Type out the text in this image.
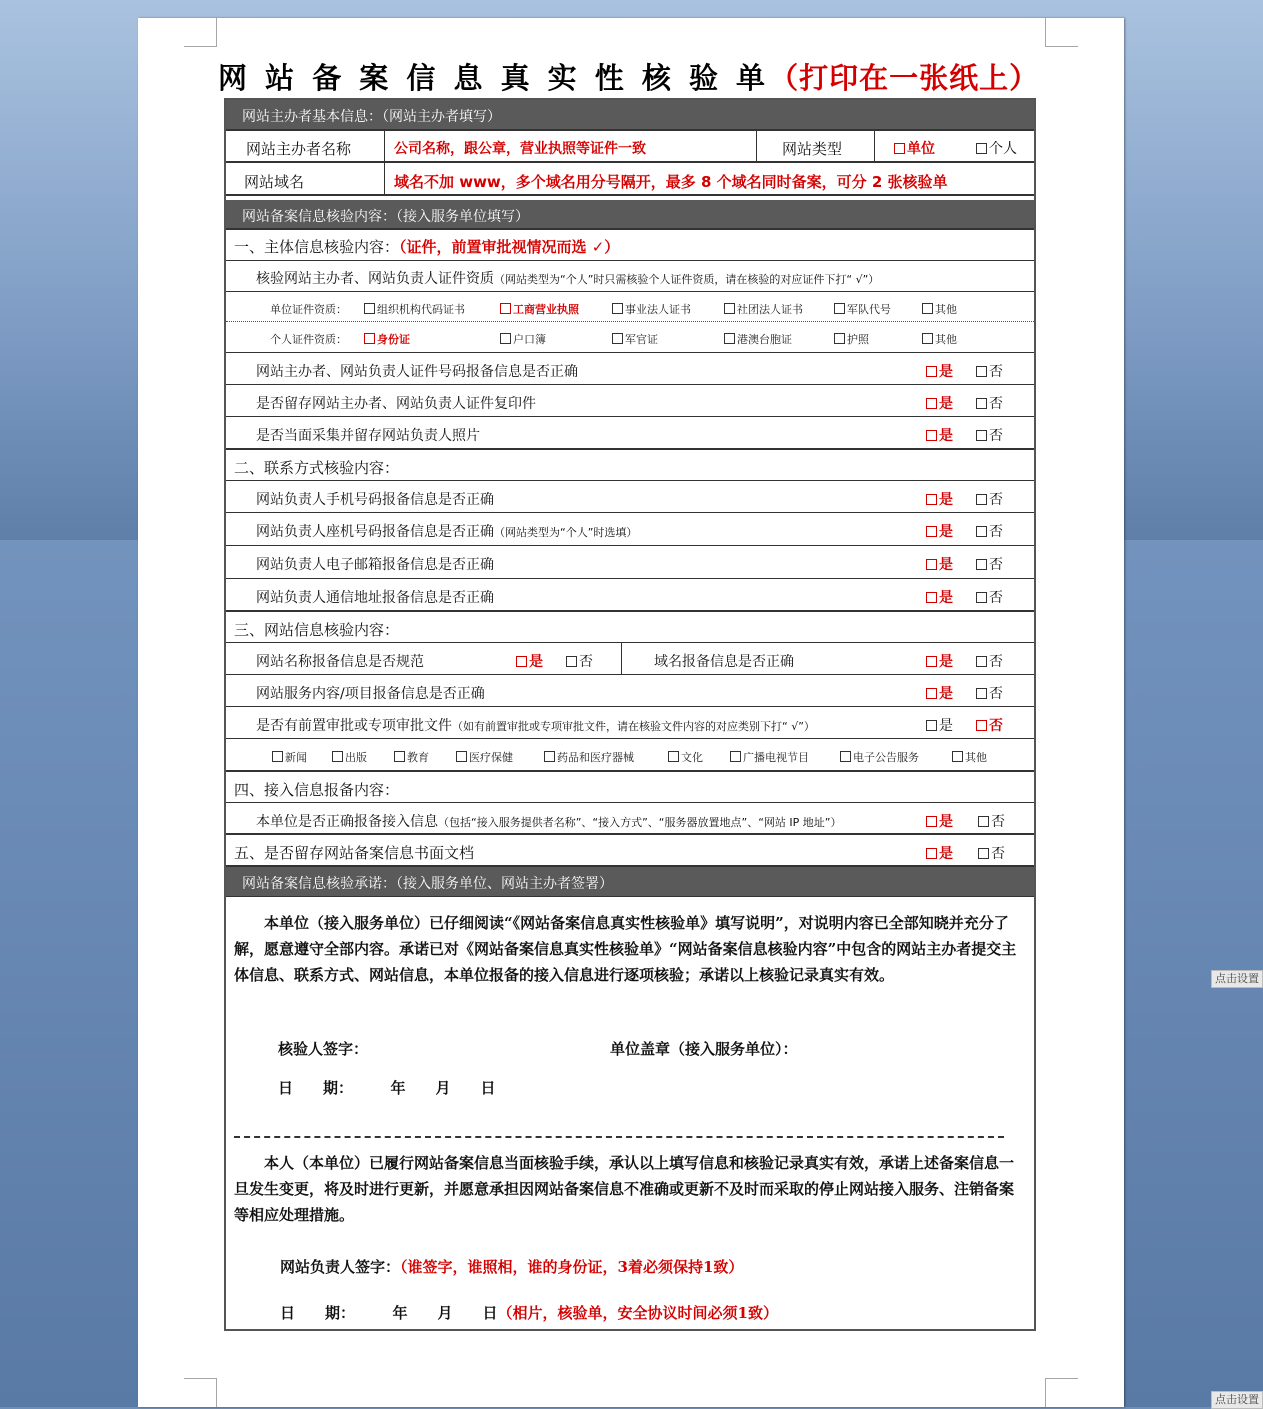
点击设置
点击设置
网 站 备 案 信 息 真 实 性 核 验 单（打印在一张纸上）
网站主办者基本信息：（网站主办者填写）
网站主办者名称	公司名称，跟公章，营业执照等证件一致	网站类型	单位	个人
网站域名	域名不加 www，多个域名用分号隔开，最多 8 个域名同时备案，可分 2 张核验单
网站备案信息核验内容：（接入服务单位填写）
一、主体信息核验内容：（证件，前置审批视情况而选 ✓）
核验网站主办者、网站负责人证件资质（网站类型为“个人”时只需核验个人证件资质，请在核验的对应证件下打“ √”）
单位证件资质：	组织机构代码证书	工商营业执照	事业法人证书	社团法人证书	军队代号	其他
个人证件资质：	身份证	户口簿	军官证	港澳台胞证	护照	其他
网站主办者、网站负责人证件号码报备信息是否正确	是	否
是否留存网站主办者、网站负责人证件复印件	是	否
是否当面采集并留存网站负责人照片	是	否
二、联系方式核验内容：
网站负责人手机号码报备信息是否正确	是	否
网站负责人座机号码报备信息是否正确（网站类型为“个人”时选填）	是	否
网站负责人电子邮箱报备信息是否正确	是	否
网站负责人通信地址报备信息是否正确	是	否
三、网站信息核验内容：
网站名称报备信息是否规范	是	否	域名报备信息是否正确	是	否
网站服务内容/项目报备信息是否正确	是	否
是否有前置审批或专项审批文件（如有前置审批或专项审批文件，请在核验文件内容的对应类别下打“ √”）	是	否
新闻	出版	教育	医疗保健	药品和医疗器械	文化	广播电视节目	电子公告服务	其他
四、接入信息报备内容：
本单位是否正确报备接入信息（包括“接入服务提供者名称”、“接入方式”、“服务器放置地点”、“网站 IP 地址”）	是	否
五、是否留存网站备案信息书面文档	是	否
网站备案信息核验承诺：（接入服务单位、网站主办者签署）
本单位（接入服务单位）已仔细阅读“《网站备案信息真实性核验单》填写说明”，对说明内容已全部知晓并充分了解，愿意遵守全部内容。承诺已对《网站备案信息真实性核验单》“网站备案信息核验内容”中包含的网站主办者提交主体信息、联系方式、网站信息，本单位报备的接入信息进行逐项核验；承诺以上核验记录真实有效。
核验人签字：	单位盖章（接入服务单位）：
日　　期：　　　年　　月　　日
本人（本单位）已履行网站备案信息当面核验手续，承认以上填写信息和核验记录真实有效，承诺上述备案信息一旦发生变更，将及时进行更新，并愿意承担因网站备案信息不准确或更新不及时而采取的停止网站接入服务、注销备案等相应处理措施。
网站负责人签字：（谁签字，谁照相，谁的身份证，3着必须保持1致）
日　　期：　　　年　　月　　日（相片，核验单，安全协议时间必须1致）
